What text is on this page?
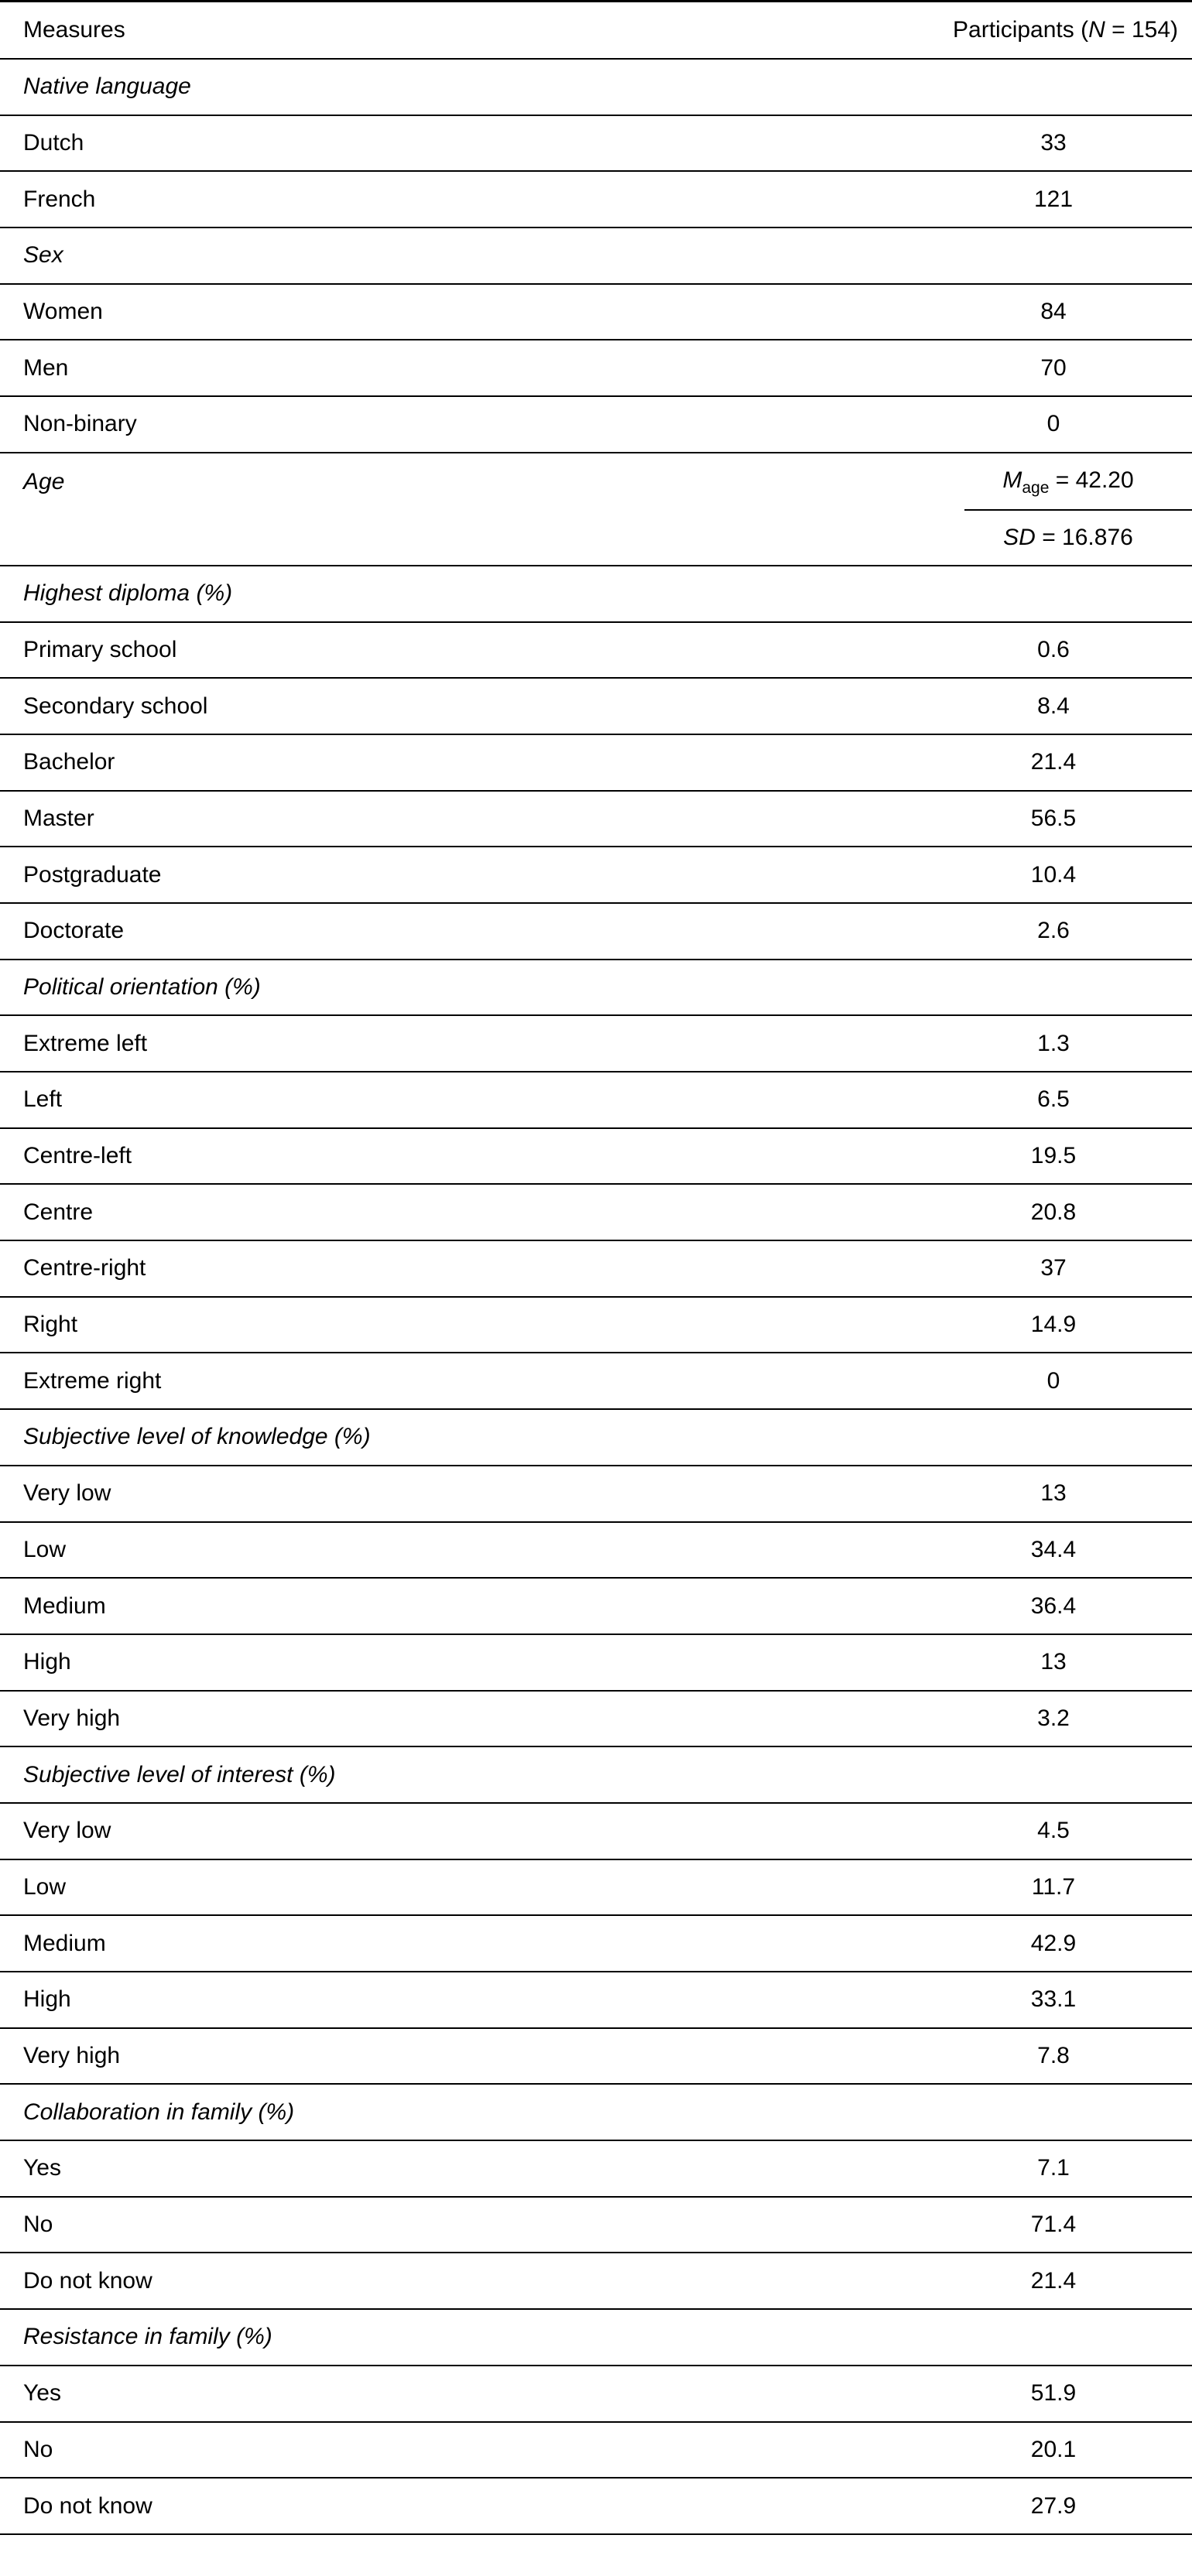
Measures	Participants (N = 154)
Native language
Dutch	33
French	121
Sex
Women	84
Men	70
Non-binary	0
Age	$M_{age} = 42.20$
SD = 16.876
Highest diploma (%)
Primary school	0.6
Secondary school	8.4
Bachelor	21.4
Master	56.5
Postgraduate	10.4
Doctorate	2.6
Political orientation (%)
Extreme left	1.3
Left	6.5
Centre-left	19.5
Centre	20.8
Centre-right	37
Right	14.9
Extreme right	0
Subjective level of knowledge (%)
Very low	13
Low	34.4
Medium	36.4
High	13
Very high	3.2
Subjective level of interest (%)
Very low	4.5
Low	11.7
Medium	42.9
High	33.1
Very high	7.8
Collaboration in family (%)
Yes	7.1
No	71.4
Do not know	21.4
Resistance in family (%)
Yes	51.9
No	20.1
Do not know	27.9
